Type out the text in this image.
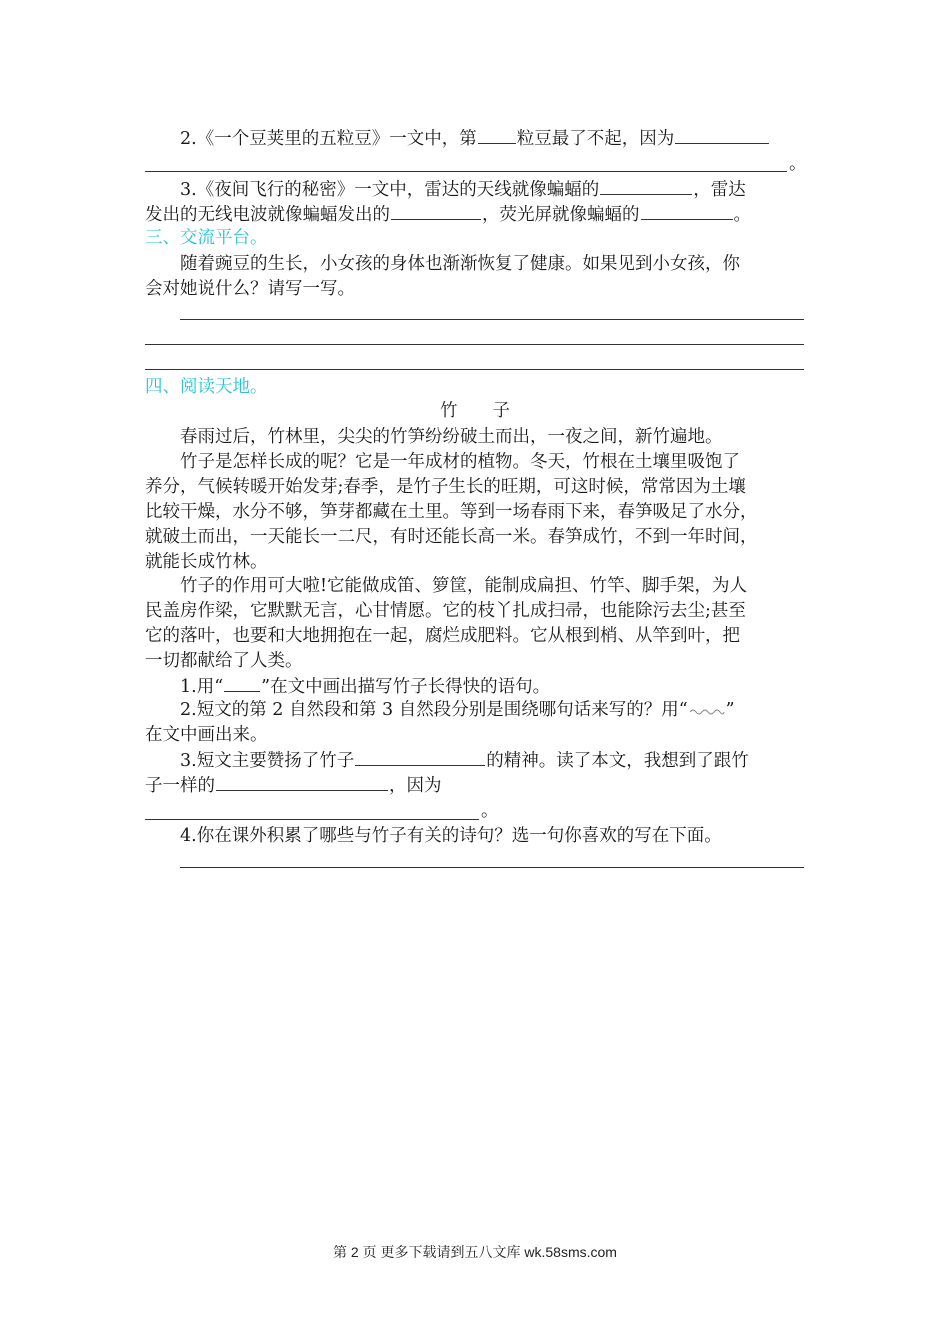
2.《一个豆荚里的五粒豆》一文中，第 粒豆最了不起，因为
。
3.《夜间飞行的秘密》一文中，雷达的天线就像蝙蝠的	，雷达
发出的无线电波就像蝙蝠发出的	，荧光屏就像蝙蝠的	。
三、交流平台。
随着豌豆的生长，小女孩的身体也渐渐恢复了健康。如果见到小女孩，你
会对她说什么？请写一写。
四、阅读天地。
竹　　子
春雨过后，竹林里，尖尖的竹笋纷纷破土而出，一夜之间，新竹遍地。
竹子是怎样长成的呢？它是一年成材的植物。冬天，竹根在土壤里吸饱了
养分，气候转暖开始发芽;春季，是竹子生长的旺期，可这时候，常常因为土壤
比较干燥，水分不够，笋芽都藏在土里。等到一场春雨下来，春笋吸足了水分，
就破土而出，一天能长一二尺，有时还能长高一米。春笋成竹，不到一年时间，
就能长成竹林。
竹子的作用可大啦!它能做成笛、箩筐，能制成扁担、竹竿、脚手架，为人
民盖房作梁，它默默无言，心甘情愿。它的枝丫扎成扫帚，也能除污去尘;甚至
它的落叶，也要和大地拥抱在一起，腐烂成肥料。它从根到梢、从竿到叶，把
一切都献给了人类。
1.用“ ”在文中画出描写竹子长得快的语句。
2.短文的第 2 自然段和第 3 自然段分别是围绕哪句话来写的？用“ ”
在文中画出来。
3.短文主要赞扬了竹子	的精神。读了本文，我想到了跟竹
子一样的	，因为
。
4.你在课外积累了哪些与竹子有关的诗句？选一句你喜欢的写在下面。
第 2 页 更多下载请到五八文库 wk.58sms.com
